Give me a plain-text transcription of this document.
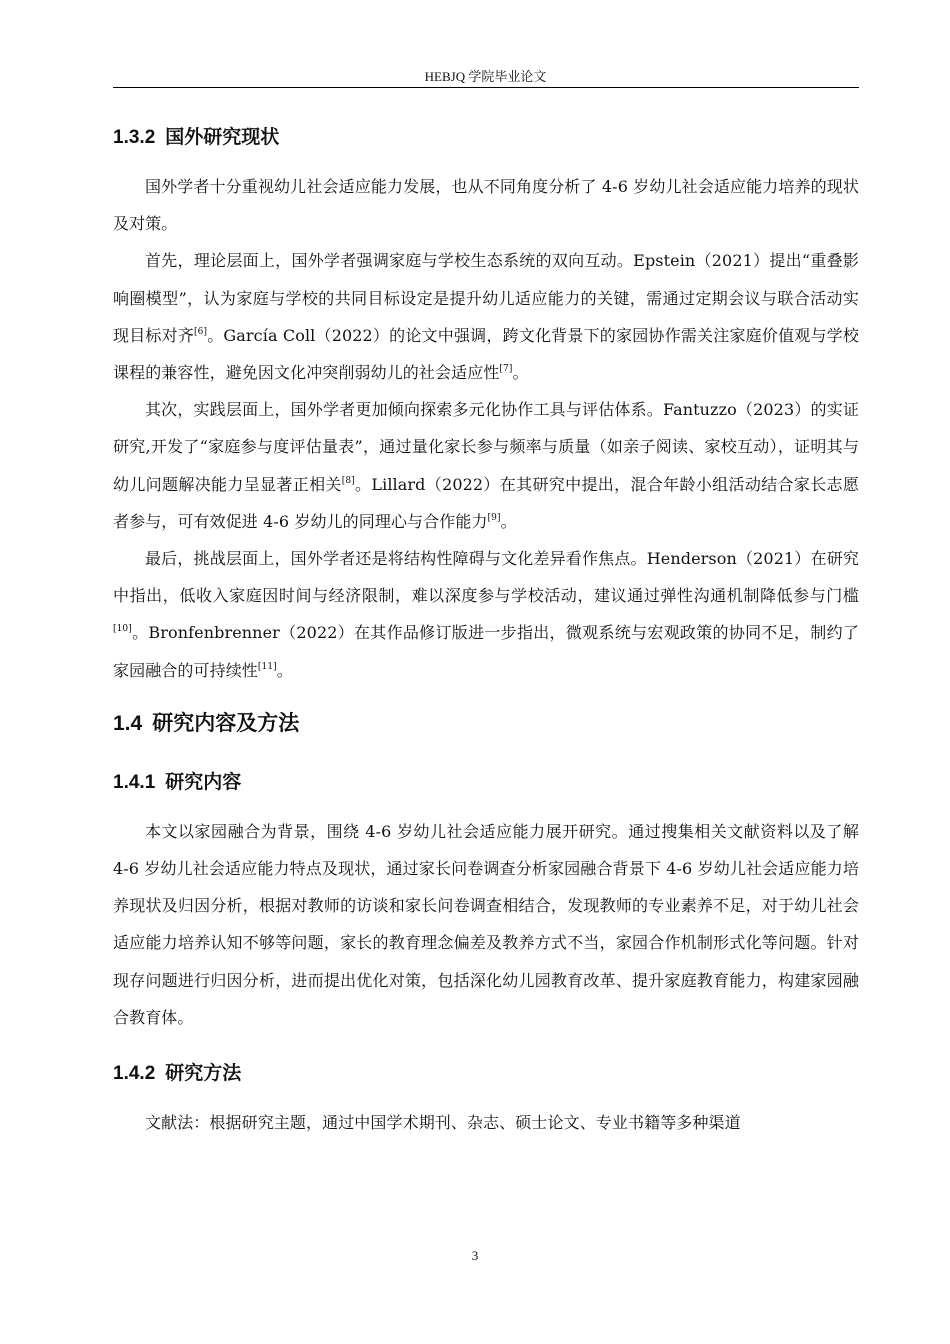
HEBJQ 学院毕业论文
1.3.2 国外研究现状

国外学者十分重视幼儿社会适应能力发展，也从不同角度分析了 4-6 岁幼儿社会适应能力培养的现状及对策。

首先，理论层面上，国外学者强调家庭与学校生态系统的双向互动。Epstein（2021）提出“重叠影响圈模型”，认为家庭与学校的共同目标设定是提升幼儿适应能力的关键，需通过定期会议与联合活动实现目标对齐[6]。García Coll（2022）的论文中强调，跨文化背景下的家园协作需关注家庭价值观与学校课程的兼容性，避免因文化冲突削弱幼儿的社会适应性[7]。

其次，实践层面上，国外学者更加倾向探索多元化协作工具与评估体系。Fantuzzo（2023）的实证研究,开发了“家庭参与度评估量表”，通过量化家长参与频率与质量（如亲子阅读、家校互动），证明其与幼儿问题解决能力呈显著正相关[8]。Lillard（2022）在其研究中提出，混合年龄小组活动结合家长志愿者参与，可有效促进 4-6 岁幼儿的同理心与合作能力[9]。

最后，挑战层面上，国外学者还是将结构性障碍与文化差异看作焦点。Henderson（2021）在研究中指出，低收入家庭因时间与经济限制，难以深度参与学校活动，建议通过弹性沟通机制降低参与门槛[10]。Bronfenbrenner（2022）在其作品修订版进一步指出，微观系统与宏观政策的协同不足，制约了家园融合的可持续性[11]。

1.4 研究内容及方法
1.4.1 研究内容

本文以家园融合为背景，围绕 4-6 岁幼儿社会适应能力展开研究。通过搜集相关文献资料以及了解 4-6 岁幼儿社会适应能力特点及现状，通过家长问卷调查分析家园融合背景下 4-6 岁幼儿社会适应能力培养现状及归因分析，根据对教师的访谈和家长问卷调查相结合，发现教师的专业素养不足，对于幼儿社会适应能力培养认知不够等问题，家长的教育理念偏差及教养方式不当，家园合作机制形式化等问题。针对现存问题进行归因分析，进而提出优化对策，包括深化幼儿园教育改革、提升家庭教育能力，构建家园融合教育体。

1.4.2 研究方法

文献法：根据研究主题，通过中国学术期刊、杂志、硕士论文、专业书籍等多种渠道

3
